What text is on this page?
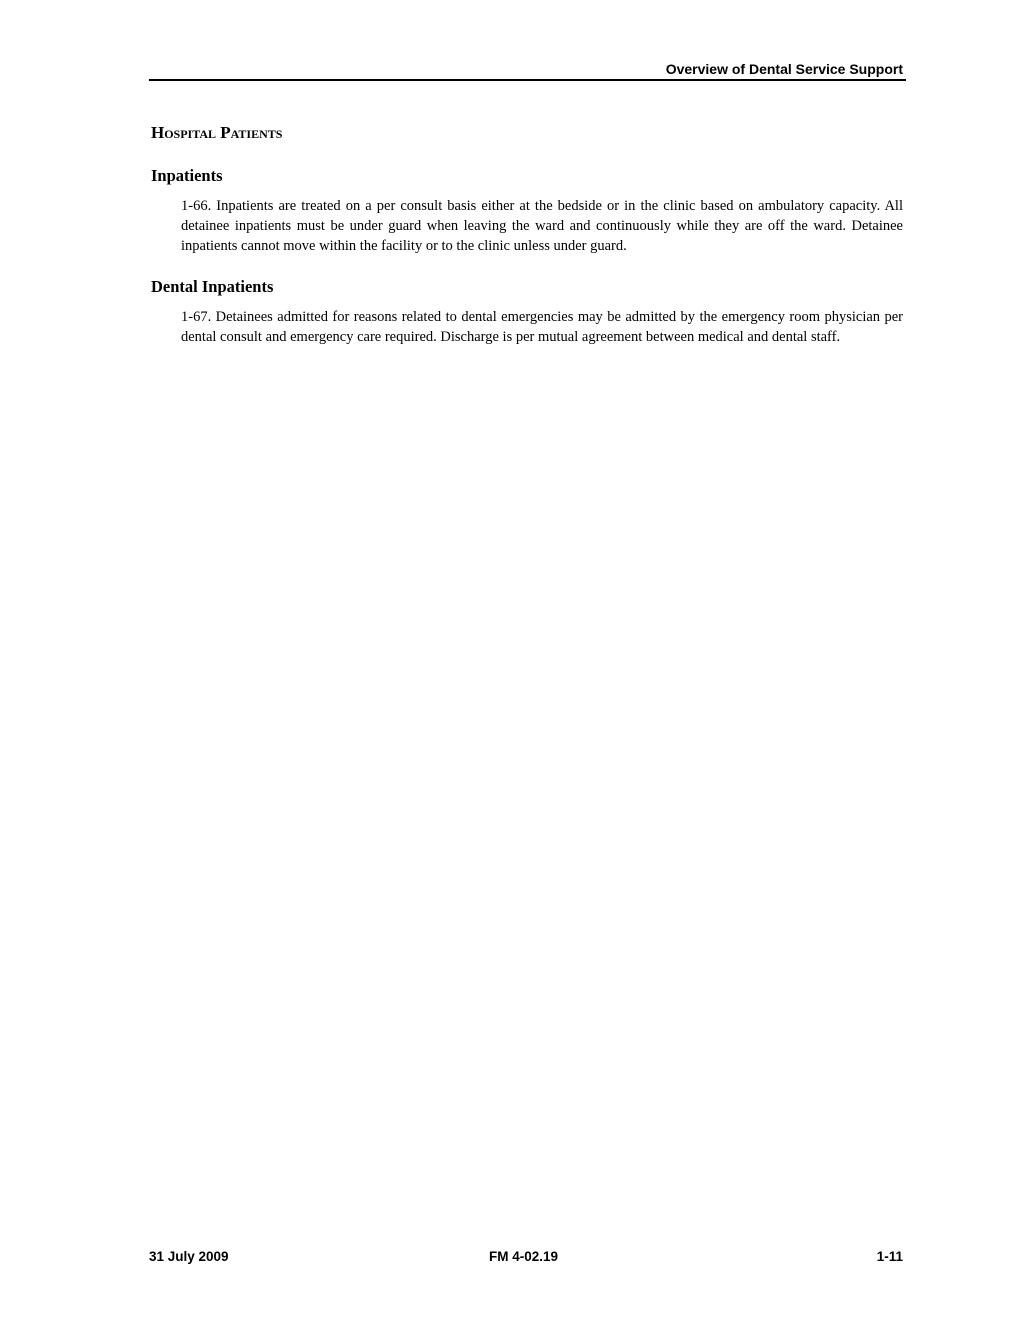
Overview of Dental Service Support
Hospital Patients
Inpatients

1-66. Inpatients are treated on a per consult basis either at the bedside or in the clinic based on ambulatory capacity. All detainee inpatients must be under guard when leaving the ward and continuously while they are off the ward. Detainee inpatients cannot move within the facility or to the clinic unless under guard.

Dental Inpatients

1-67. Detainees admitted for reasons related to dental emergencies may be admitted by the emergency room physician per dental consult and emergency care required. Discharge is per mutual agreement between medical and dental staff.

31 July 2009	FM 4-02.19	1-11
